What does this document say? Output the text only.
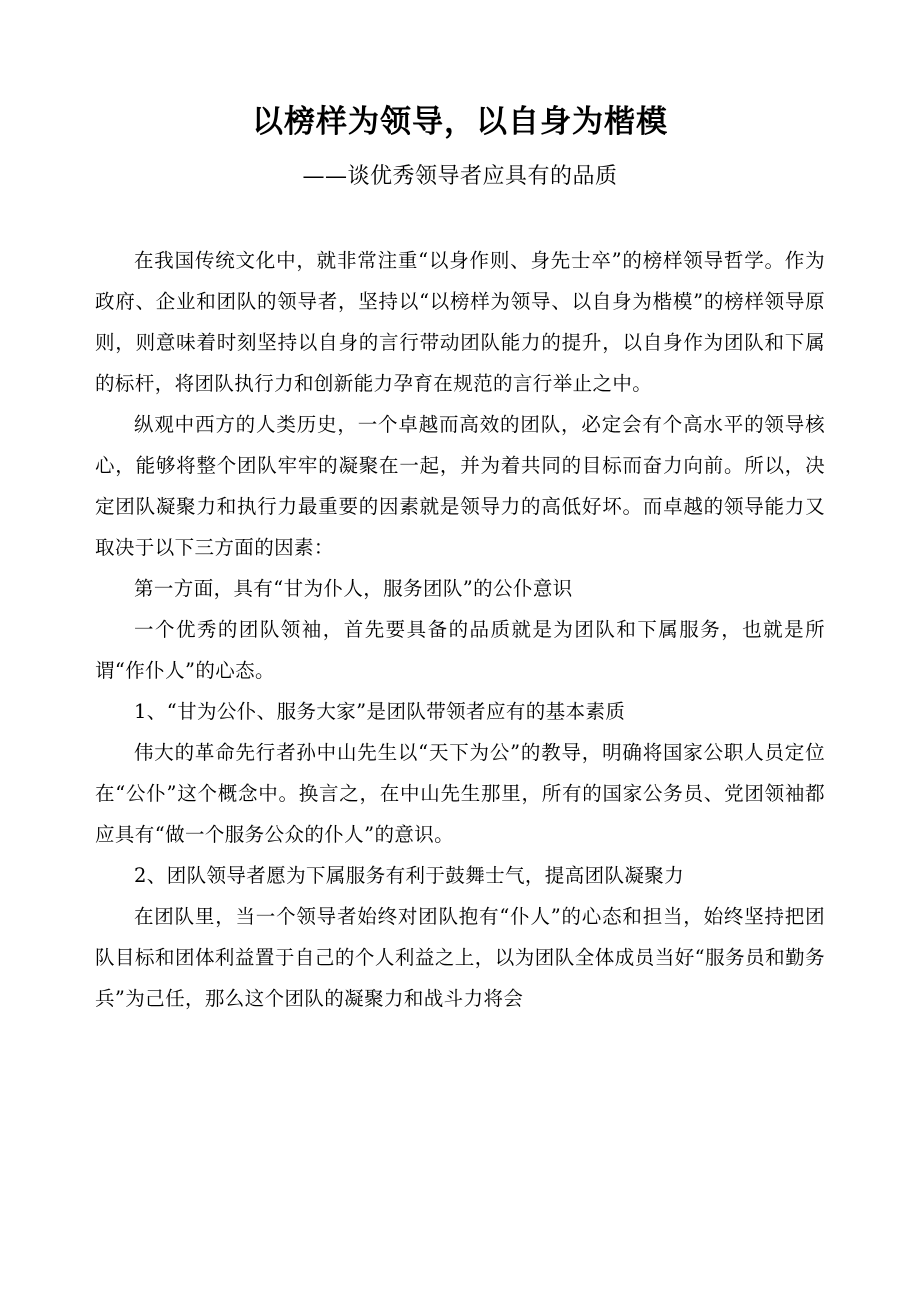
以榜样为领导，以自身为楷模
——谈优秀领导者应具有的品质

在我国传统文化中，就非常注重“以身作则、身先士卒”的榜样领导哲学。作为政府、企业和团队的领导者，坚持以“以榜样为领导、以自身为楷模”的榜样领导原则，则意味着时刻坚持以自身的言行带动团队能力的提升，以自身作为团队和下属的标杆，将团队执行力和创新能力孕育在规范的言行举止之中。

纵观中西方的人类历史，一个卓越而高效的团队，必定会有个高水平的领导核心，能够将整个团队牢牢的凝聚在一起，并为着共同的目标而奋力向前。所以，决定团队凝聚力和执行力最重要的因素就是领导力的高低好坏。而卓越的领导能力又取决于以下三方面的因素：

第一方面，具有“甘为仆人，服务团队”的公仆意识

一个优秀的团队领袖，首先要具备的品质就是为团队和下属服务，也就是所谓“作仆人”的心态。

1、“甘为公仆、服务大家”是团队带领者应有的基本素质

伟大的革命先行者孙中山先生以“天下为公”的教导，明确将国家公职人员定位在“公仆”这个概念中。换言之，在中山先生那里，所有的国家公务员、党团领袖都应具有“做一个服务公众的仆人”的意识。

2、团队领导者愿为下属服务有利于鼓舞士气，提高团队凝聚力

在团队里，当一个领导者始终对团队抱有“仆人”的心态和担当，始终坚持把团队目标和团体利益置于自己的个人利益之上，以为团队全体成员当好“服务员和勤务兵”为己任，那么这个团队的凝聚力和战斗力将会
